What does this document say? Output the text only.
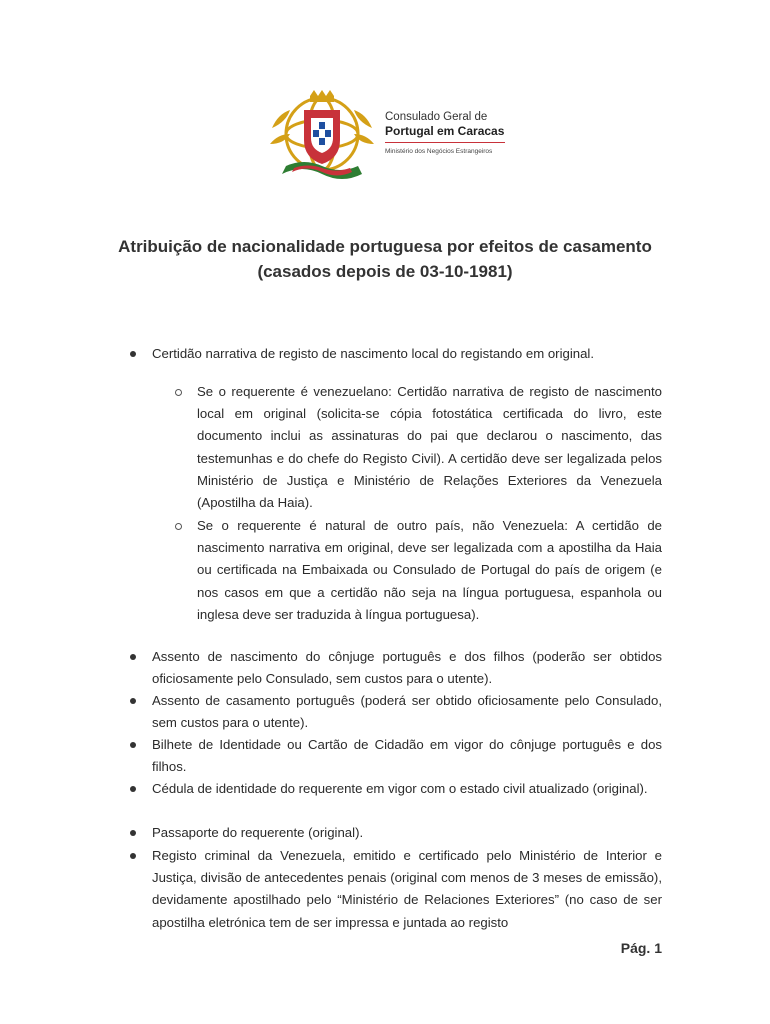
Consulado Geral de
Portugal em Caracas
Ministério dos Negócios Estrangeiros
Atribuição de nacionalidade portuguesa por efeitos de casamento (casados depois de 03-10-1981)
Certidão narrativa de registo de nascimento local do registando em original.
Se o requerente é venezuelano: Certidão narrativa de registo de nascimento local em original (solicita-se cópia fotostática certificada do livro, este documento inclui as assinaturas do pai que declarou o nascimento, das testemunhas e do chefe do Registo Civil). A certidão deve ser legalizada pelos Ministério de Justiça e Ministério de Relações Exteriores da Venezuela (Apostilha da Haia).
Se o requerente é natural de outro país, não Venezuela: A certidão de nascimento narrativa em original, deve ser legalizada com a apostilha da Haia ou certificada na Embaixada ou Consulado de Portugal do país de origem (e nos casos em que a certidão não seja na língua portuguesa, espanhola ou inglesa deve ser traduzida à língua portuguesa).
Assento de nascimento do cônjuge português e dos filhos (poderão ser obtidos oficiosamente pelo Consulado, sem custos para o utente).
Assento de casamento português (poderá ser obtido oficiosamente pelo Consulado, sem custos para o utente).
Bilhete de Identidade ou Cartão de Cidadão em vigor do cônjuge português e dos filhos.
Cédula de identidade do requerente em vigor com o estado civil atualizado (original).
Passaporte do requerente (original).
Registo criminal da Venezuela, emitido e certificado pelo Ministério de Interior e Justiça, divisão de antecedentes penais (original com menos de 3 meses de emissão), devidamente apostilhado pelo “Ministério de Relaciones Exteriores” (no caso de ser apostilha eletrónica tem de ser impressa e juntada ao registo
Pág. 1
